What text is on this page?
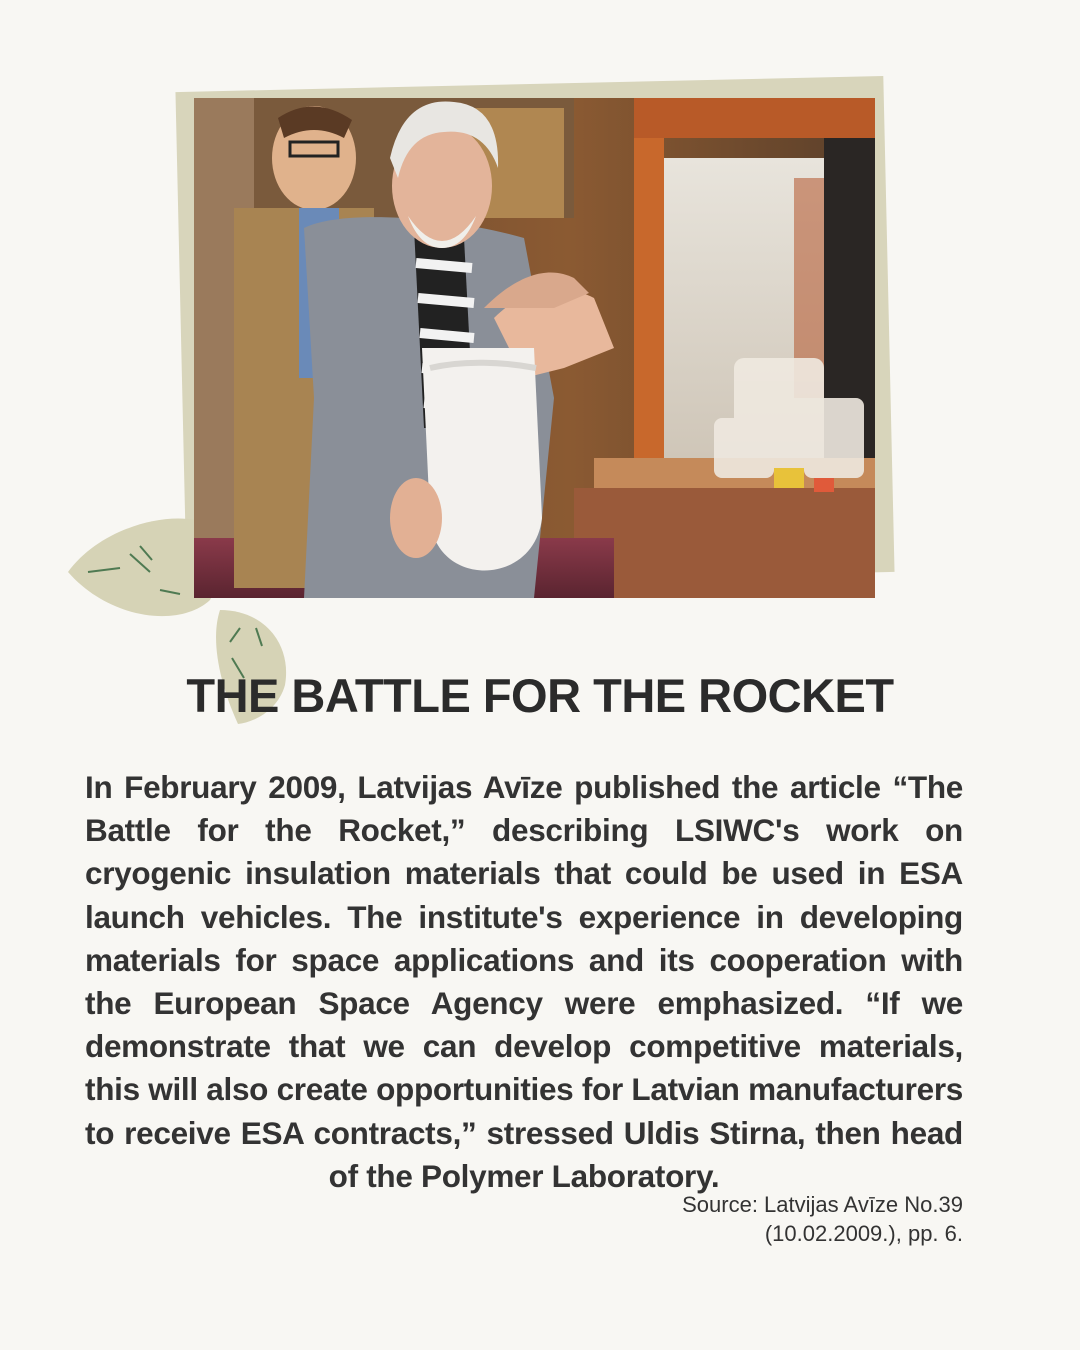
THE BATTLE FOR THE ROCKET

In February 2009, Latvijas Avīze published the article “The Battle for the Rocket,” describing LSIWC's work on cryogenic insulation materials that could be used in ESA launch vehicles. The institute's experience in developing materials for space applications and its cooperation with the European Space Agency were emphasized. “If we demonstrate that we can develop competitive materials, this will also create opportunities for Latvian manufacturers to receive ESA contracts,” stressed Uldis Stirna, then head of the Polymer Laboratory.

Source: Latvijas Avīze No.39
(10.02.2009.), pp. 6.
